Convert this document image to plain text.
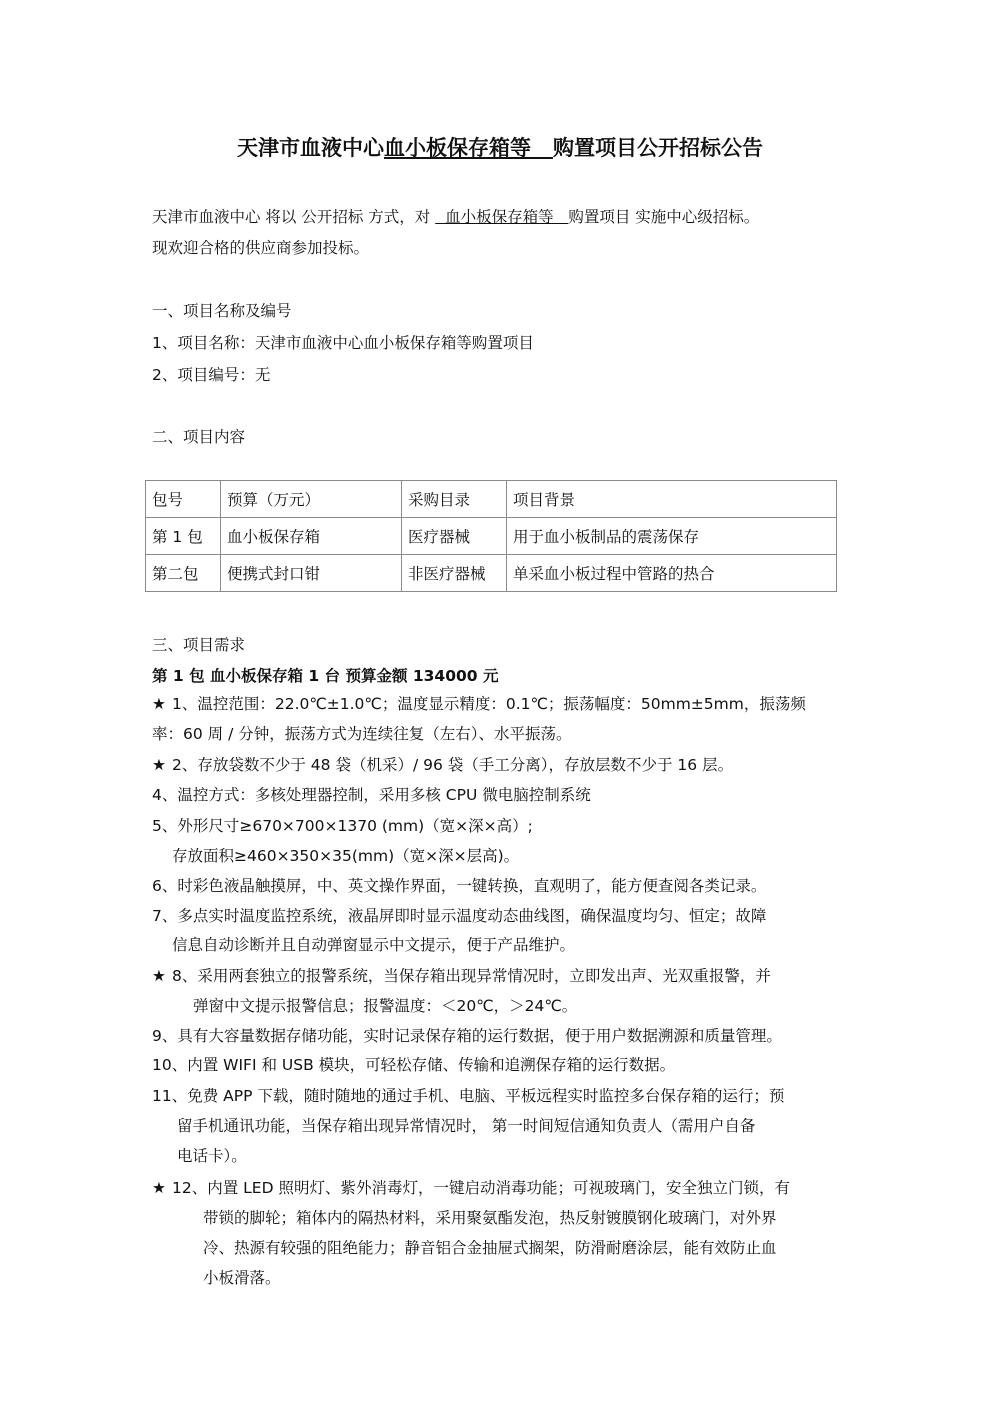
天津市血液中心血小板保存箱等 购置项目公开招标公告
天津市血液中心 将以 公开招标 方式，对   血小板保存箱等 购置项目 实施中心级招标。
现欢迎合格的供应商参加投标。
一、项目名称及编号
1、项目名称：天津市血液中心血小板保存箱等购置项目
2、项目编号：无
二、项目内容
包号	预算（万元）	采购目录	项目背景
第 1 包	血小板保存箱	医疗器械	用于血小板制品的震荡保存
第二包	便携式封口钳	非医疗器械	单采血小板过程中管路的热合
三、项目需求
第 1 包 血小板保存箱 1 台 预算金额 134000 元
★ 1、温控范围：22.0℃±1.0℃；温度显示精度：0.1℃；振荡幅度：50mm±5mm，振荡频
率：60 周 / 分钟，振荡方式为连续往复（左右）、水平振荡。
★ 2、存放袋数不少于 48 袋（机采）/ 96 袋（手工分离），存放层数不少于 16 层。
4、温控方式：多核处理器控制，采用多核 CPU 微电脑控制系统
5、外形尺寸≥670×700×1370 (mm)（宽×深×高）;
存放面积≥460×350×35(mm)（宽×深×层高)。
6、时彩色液晶触摸屏，中、英文操作界面，一键转换，直观明了，能方便查阅各类记录。
7、多点实时温度监控系统，液晶屏即时显示温度动态曲线图，确保温度均匀、恒定；故障
信息自动诊断并且自动弹窗显示中文提示，便于产品维护。
★ 8、采用两套独立的报警系统，当保存箱出现异常情况时，立即发出声、光双重报警，并
弹窗中文提示报警信息；报警温度：＜20℃，＞24℃。
9、具有大容量数据存储功能，实时记录保存箱的运行数据，便于用户数据溯源和质量管理。
10、内置 WIFI 和 USB 模块，可轻松存储、传输和追溯保存箱的运行数据。
11、免费 APP 下载，随时随地的通过手机、电脑、平板远程实时监控多台保存箱的运行；预
留手机通讯功能，当保存箱出现异常情况时， 第一时间短信通知负责人（需用户自备
电话卡）。
★ 12、内置 LED 照明灯、紫外消毒灯，一键启动消毒功能；可视玻璃门，安全独立门锁，有
带锁的脚轮；箱体内的隔热材料，采用聚氨酯发泡，热反射镀膜钢化玻璃门，对外界
冷、热源有较强的阻绝能力；静音铝合金抽屉式搁架，防滑耐磨涂层，能有效防止血
小板滑落。
